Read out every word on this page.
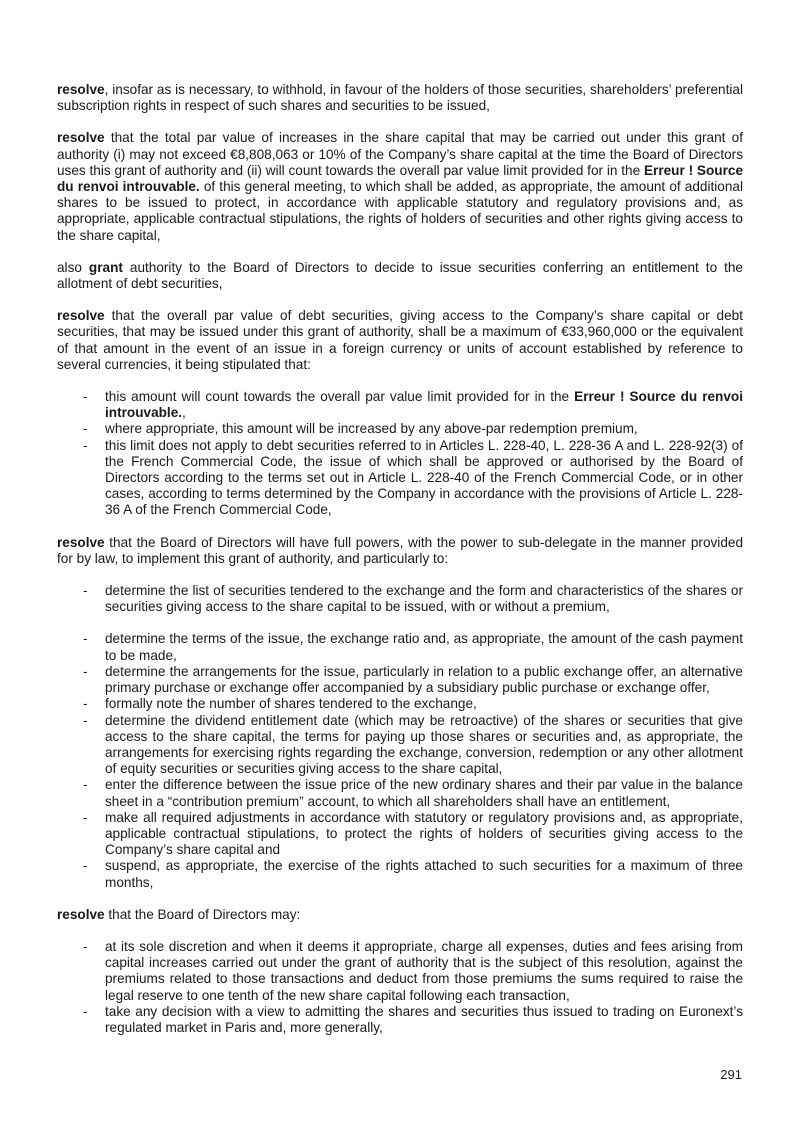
resolve, insofar as is necessary, to withhold, in favour of the holders of those securities, shareholders’ preferential subscription rights in respect of such shares and securities to be issued,

resolve that the total par value of increases in the share capital that may be carried out under this grant of authority (i) may not exceed €8,808,063 or 10% of the Company’s share capital at the time the Board of Directors uses this grant of authority and (ii) will count towards the overall par value limit provided for in the Erreur ! Source du renvoi introuvable. of this general meeting, to which shall be added, as appropriate, the amount of additional shares to be issued to protect, in accordance with applicable statutory and regulatory provisions and, as appropriate, applicable contractual stipulations, the rights of holders of securities and other rights giving access to the share capital,

also grant authority to the Board of Directors to decide to issue securities conferring an entitlement to the allotment of debt securities,

resolve that the overall par value of debt securities, giving access to the Company’s share capital or debt securities, that may be issued under this grant of authority, shall be a maximum of €33,960,000 or the equivalent of that amount in the event of an issue in a foreign currency or units of account established by reference to several currencies, it being stipulated that:

- this amount will count towards the overall par value limit provided for in the Erreur ! Source du renvoi introuvable.,
- where appropriate, this amount will be increased by any above-par redemption premium,
- this limit does not apply to debt securities referred to in Articles L. 228-40, L. 228-36 A and L. 228-92(3) of the French Commercial Code, the issue of which shall be approved or authorised by the Board of Directors according to the terms set out in Article L. 228-40 of the French Commercial Code, or in other cases, according to terms determined by the Company in accordance with the provisions of Article L. 228-36 A of the French Commercial Code,

resolve that the Board of Directors will have full powers, with the power to sub-delegate in the manner provided for by law, to implement this grant of authority, and particularly to:

- determine the list of securities tendered to the exchange and the form and characteristics of the shares or securities giving access to the share capital to be issued, with or without a premium,
- determine the terms of the issue, the exchange ratio and, as appropriate, the amount of the cash payment to be made,
- determine the arrangements for the issue, particularly in relation to a public exchange offer, an alternative primary purchase or exchange offer accompanied by a subsidiary public purchase or exchange offer,
- formally note the number of shares tendered to the exchange,
- determine the dividend entitlement date (which may be retroactive) of the shares or securities that give access to the share capital, the terms for paying up those shares or securities and, as appropriate, the arrangements for exercising rights regarding the exchange, conversion, redemption or any other allotment of equity securities or securities giving access to the share capital,
- enter the difference between the issue price of the new ordinary shares and their par value in the balance sheet in a “contribution premium” account, to which all shareholders shall have an entitlement,
- make all required adjustments in accordance with statutory or regulatory provisions and, as appropriate, applicable contractual stipulations, to protect the rights of holders of securities giving access to the Company’s share capital and
- suspend, as appropriate, the exercise of the rights attached to such securities for a maximum of three months,

resolve that the Board of Directors may:

- at its sole discretion and when it deems it appropriate, charge all expenses, duties and fees arising from capital increases carried out under the grant of authority that is the subject of this resolution, against the premiums related to those transactions and deduct from those premiums the sums required to raise the legal reserve to one tenth of the new share capital following each transaction,
- take any decision with a view to admitting the shares and securities thus issued to trading on Euronext’s regulated market in Paris and, more generally,
291
